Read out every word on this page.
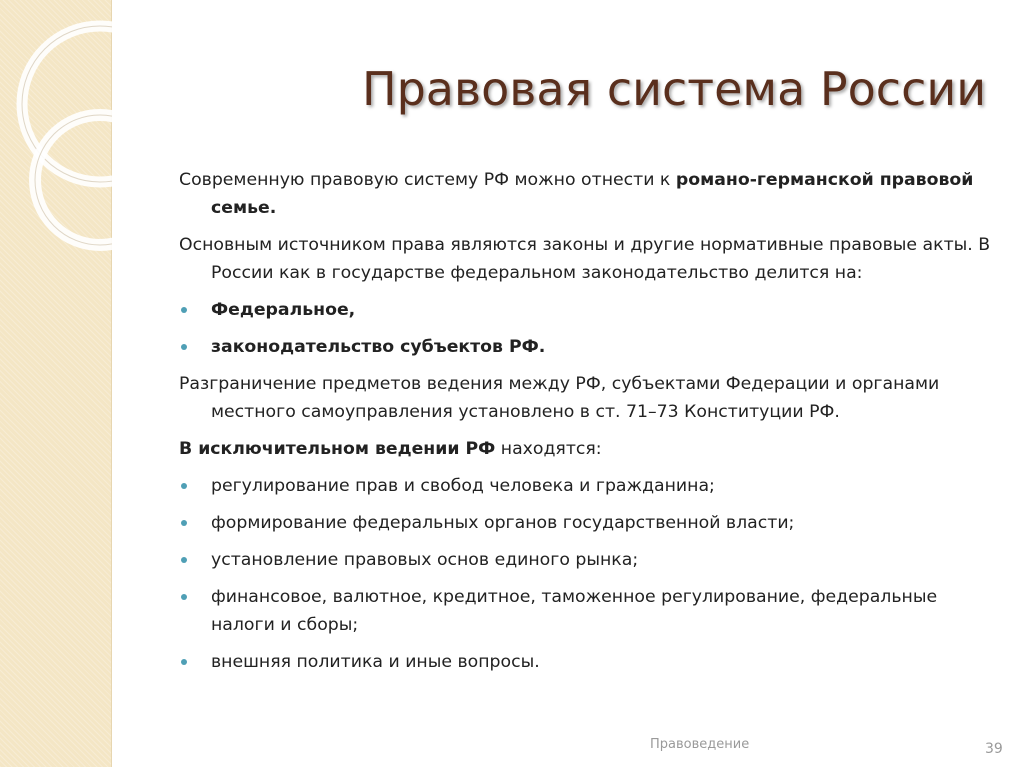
Правовая система России

Современную правовую систему РФ можно отнести к романо-германской правовой семье.

Основным источником права являются законы и другие нормативные правовые акты. В России как в государстве федеральном законодательство делится на:

Федеральное,
законодательство субъектов РФ.

Разграничение предметов ведения между РФ, субъектами Федерации и органами местного самоуправления установлено в ст. 71–73 Конституции РФ.

В исключительном ведении РФ находятся:

регулирование прав и свобод человека и гражданина;
формирование федеральных органов государственной власти;
установление правовых основ единого рынка;
финансовое, валютное, кредитное, таможенное регулирование, федеральные налоги и сборы;
внешняя политика и иные вопросы.
Правоведение	39
